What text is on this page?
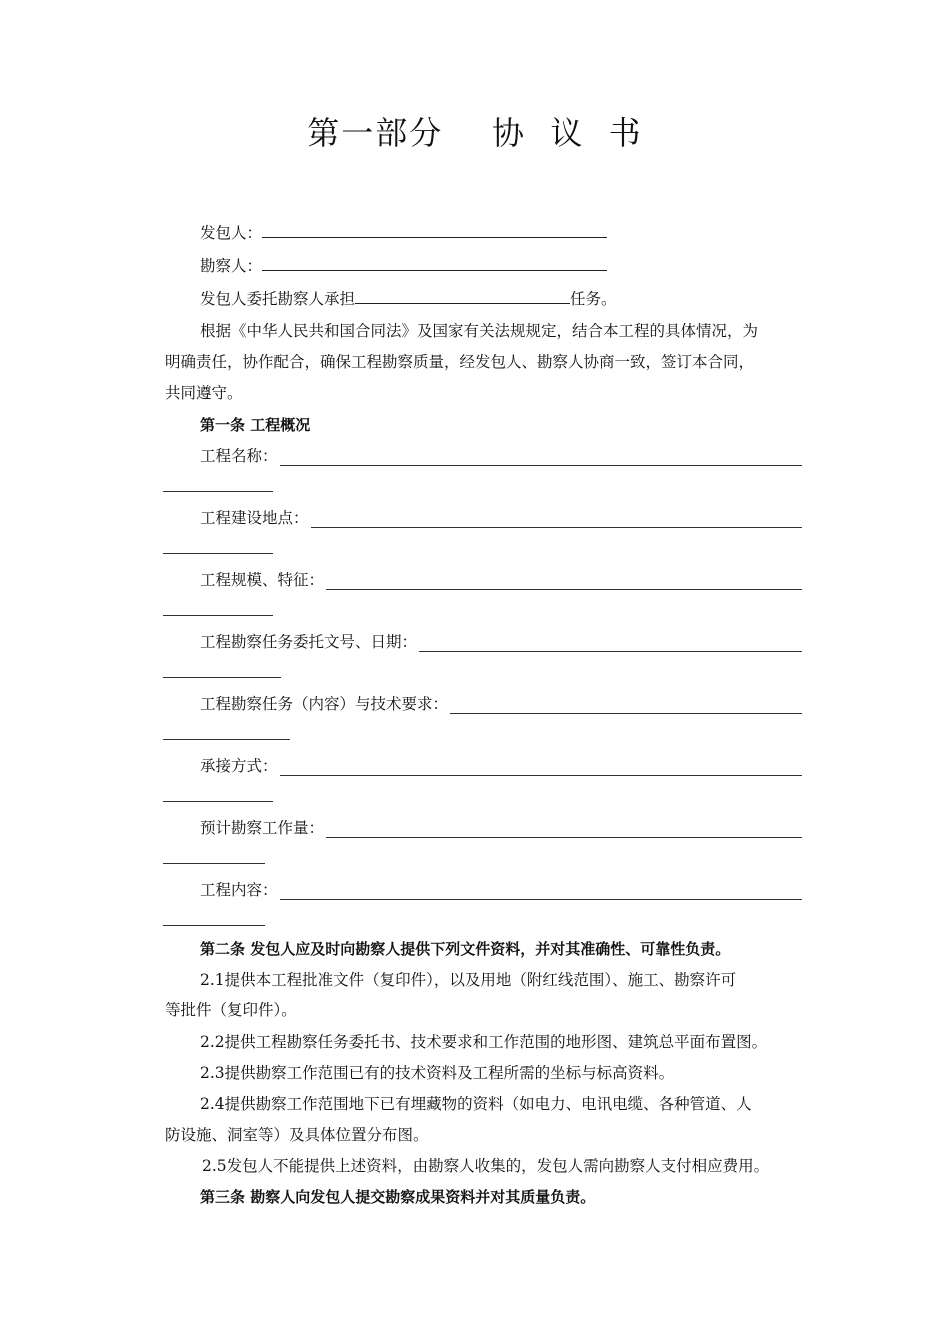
第一部分    协  议  书
发包人：
勘察人：
发包人委托勘察人承担	任务。
根据《中华人民共和国合同法》及国家有关法规规定，结合本工程的具体情况，为
明确责任，协作配合，确保工程勘察质量，经发包人、勘察人协商一致，签订本合同，
共同遵守。
第一条 工程概况
工程名称：
工程建设地点：
工程规模、特征：
工程勘察任务委托文号、日期：
工程勘察任务（内容）与技术要求：
承接方式：
预计勘察工作量：
工程内容：
第二条 发包人应及时向勘察人提供下列文件资料，并对其准确性、可靠性负责。
2.1提供本工程批准文件（复印件），以及用地（附红线范围）、施工、勘察许可
等批件（复印件）。
2.2提供工程勘察任务委托书、技术要求和工作范围的地形图、建筑总平面布置图。
2.3提供勘察工作范围已有的技术资料及工程所需的坐标与标高资料。
2.4提供勘察工作范围地下已有埋藏物的资料（如电力、电讯电缆、各种管道、人
防设施、洞室等）及具体位置分布图。
2.5发包人不能提供上述资料，由勘察人收集的，发包人需向勘察人支付相应费用。
第三条 勘察人向发包人提交勘察成果资料并对其质量负责。
